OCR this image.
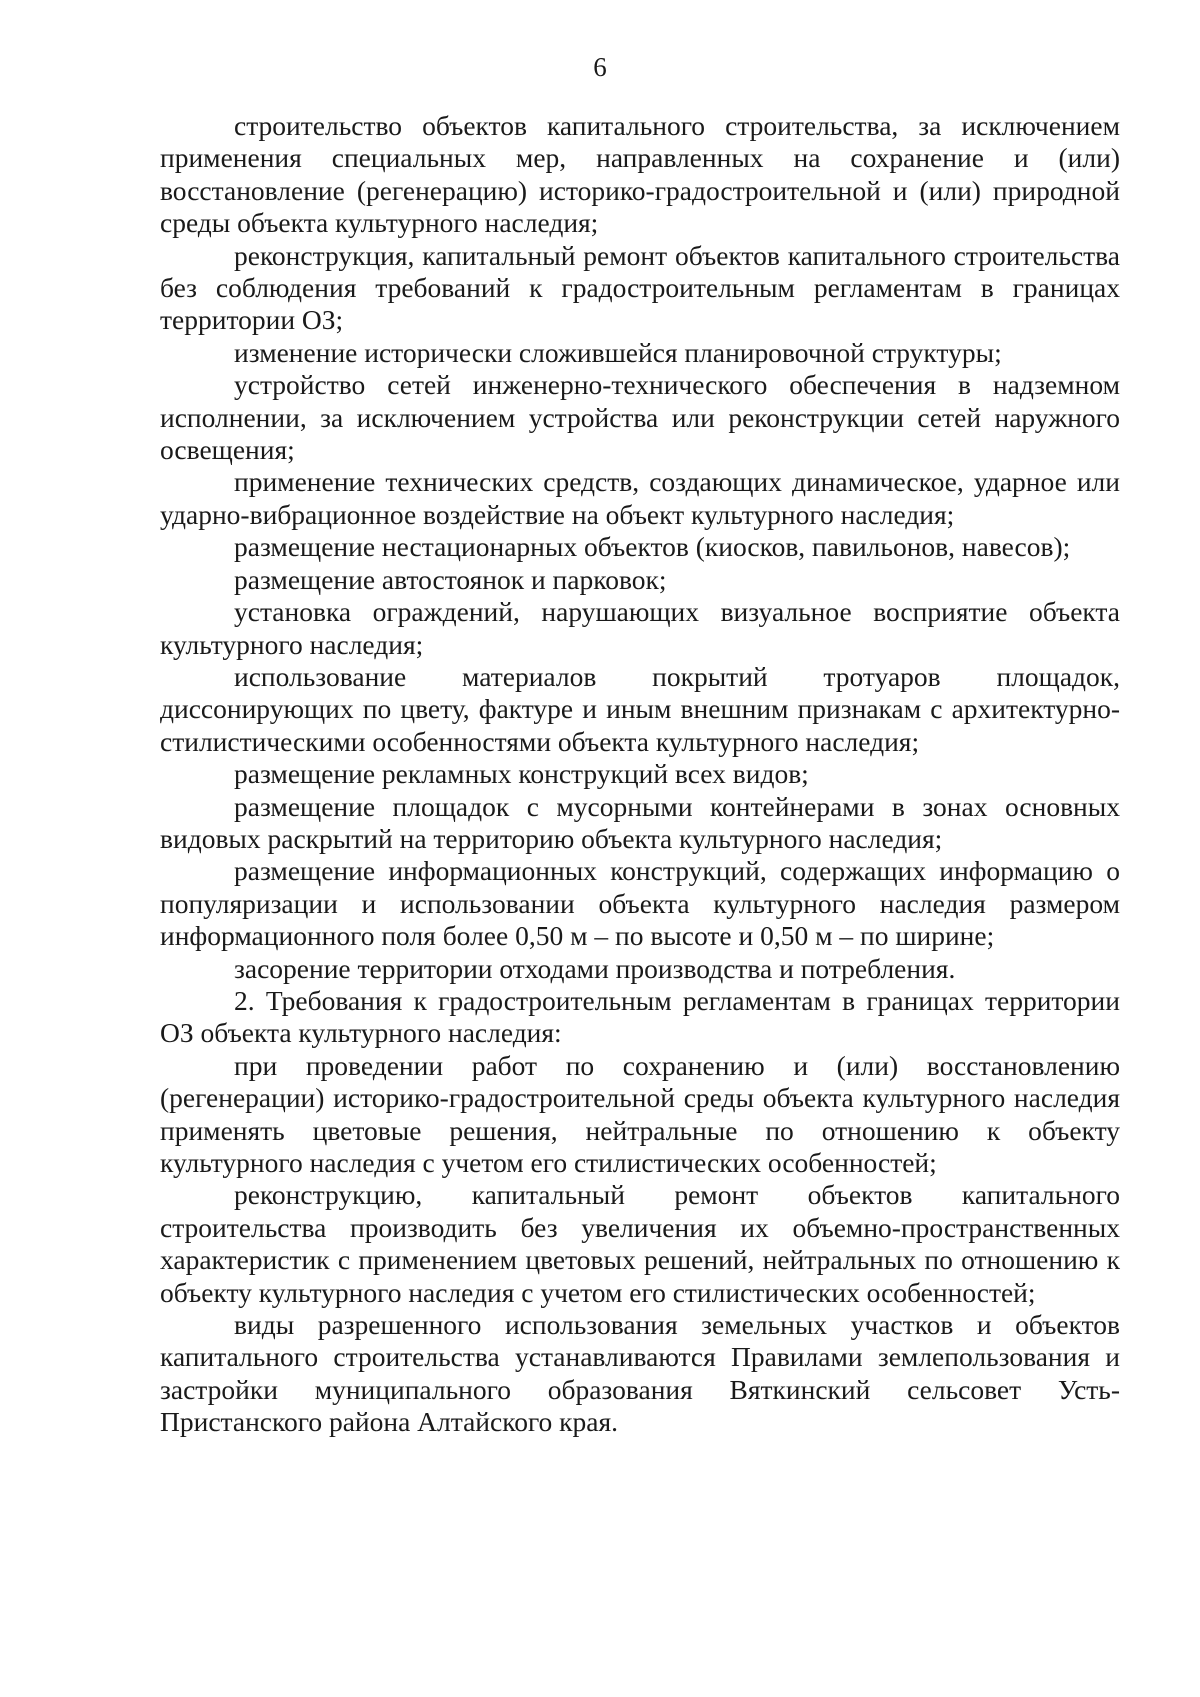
6

строительство объектов капитального строительства, за исключением применения специальных мер, направленных на сохранение и (или) восстановление (регенерацию) историко-градостроительной и (или) природной среды объекта культурного наследия;

реконструкция, капитальный ремонт объектов капитального строительства без соблюдения требований к градостроительным регламентам в границах территории ОЗ;

изменение исторически сложившейся планировочной структуры;

устройство сетей инженерно-технического обеспечения в надземном исполнении, за исключением устройства или реконструкции сетей наружного освещения;

применение технических средств, создающих динамическое, ударное или ударно-вибрационное воздействие на объект культурного наследия;

размещение нестационарных объектов (киосков, павильонов, навесов);

размещение автостоянок и парковок;

установка ограждений, нарушающих визуальное восприятие объекта культурного наследия;

использование материалов покрытий тротуаров площадок, диссонирующих по цвету, фактуре и иным внешним признакам с архитектурно-стилистическими особенностями объекта культурного наследия;

размещение рекламных конструкций всех видов;

размещение площадок с мусорными контейнерами в зонах основных видовых раскрытий на территорию объекта культурного наследия;

размещение информационных конструкций, содержащих информацию о популяризации и использовании объекта культурного наследия размером информационного поля более 0,50 м – по высоте и 0,50 м – по ширине;

засорение территории отходами производства и потребления.

2. Требования к градостроительным регламентам в границах территории ОЗ объекта культурного наследия:

при проведении работ по сохранению и (или) восстановлению (регенерации) историко-градостроительной среды объекта культурного наследия применять цветовые решения, нейтральные по отношению к объекту культурного наследия с учетом его стилистических особенностей;

реконструкцию, капитальный ремонт объектов капитального строительства производить без увеличения их объемно-пространственных характеристик с применением цветовых решений, нейтральных по отношению к объекту культурного наследия с учетом его стилистических особенностей;

виды разрешенного использования земельных участков и объектов капитального строительства устанавливаются Правилами землепользования и застройки муниципального образования Вяткинский сельсовет Усть-Пристанского района Алтайского края.
